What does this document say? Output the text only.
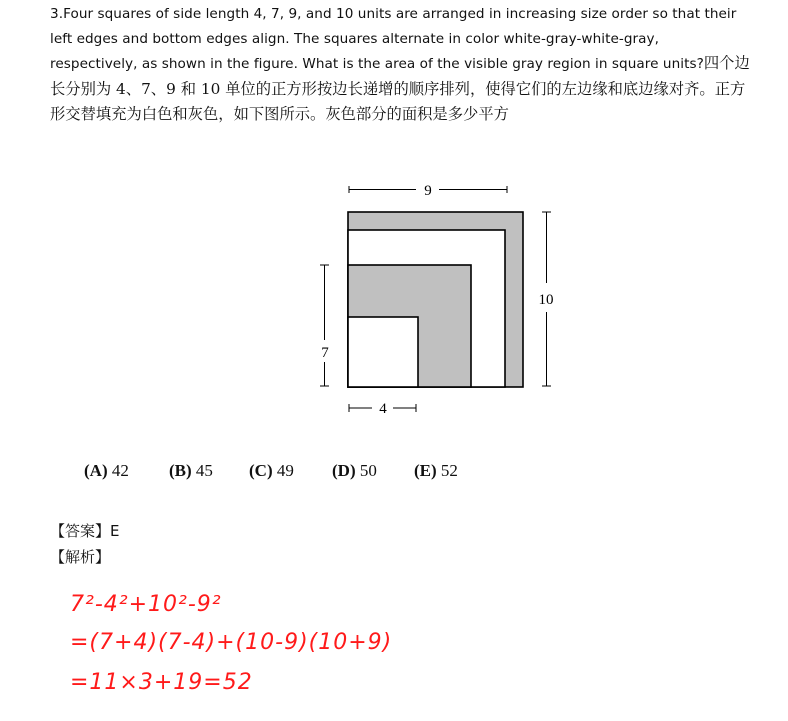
3.Four squares of side length 4, 7, 9, and 10 units are arranged in increasing size order so that their left edges and bottom edges align. The squares alternate in color white-gray-white-gray, respectively, as shown in the figure. What is the area of the visible gray region in square units?四个边长分别为 4、7、9 和 10 单位的正方形按边长递增的顺序排列，使得它们的左边缘和底边缘对齐。正方形交替填充为白色和灰色，如下图所示。灰色部分的面积是多少平方
9
10
7
4
(A) 42 (B) 45 (C) 49 (D) 50 (E) 52
【答案】E
【解析】
7²-4²+10²-9²
=(7+4)(7-4)+(10-9)(10+9)
=11×3+19=52
